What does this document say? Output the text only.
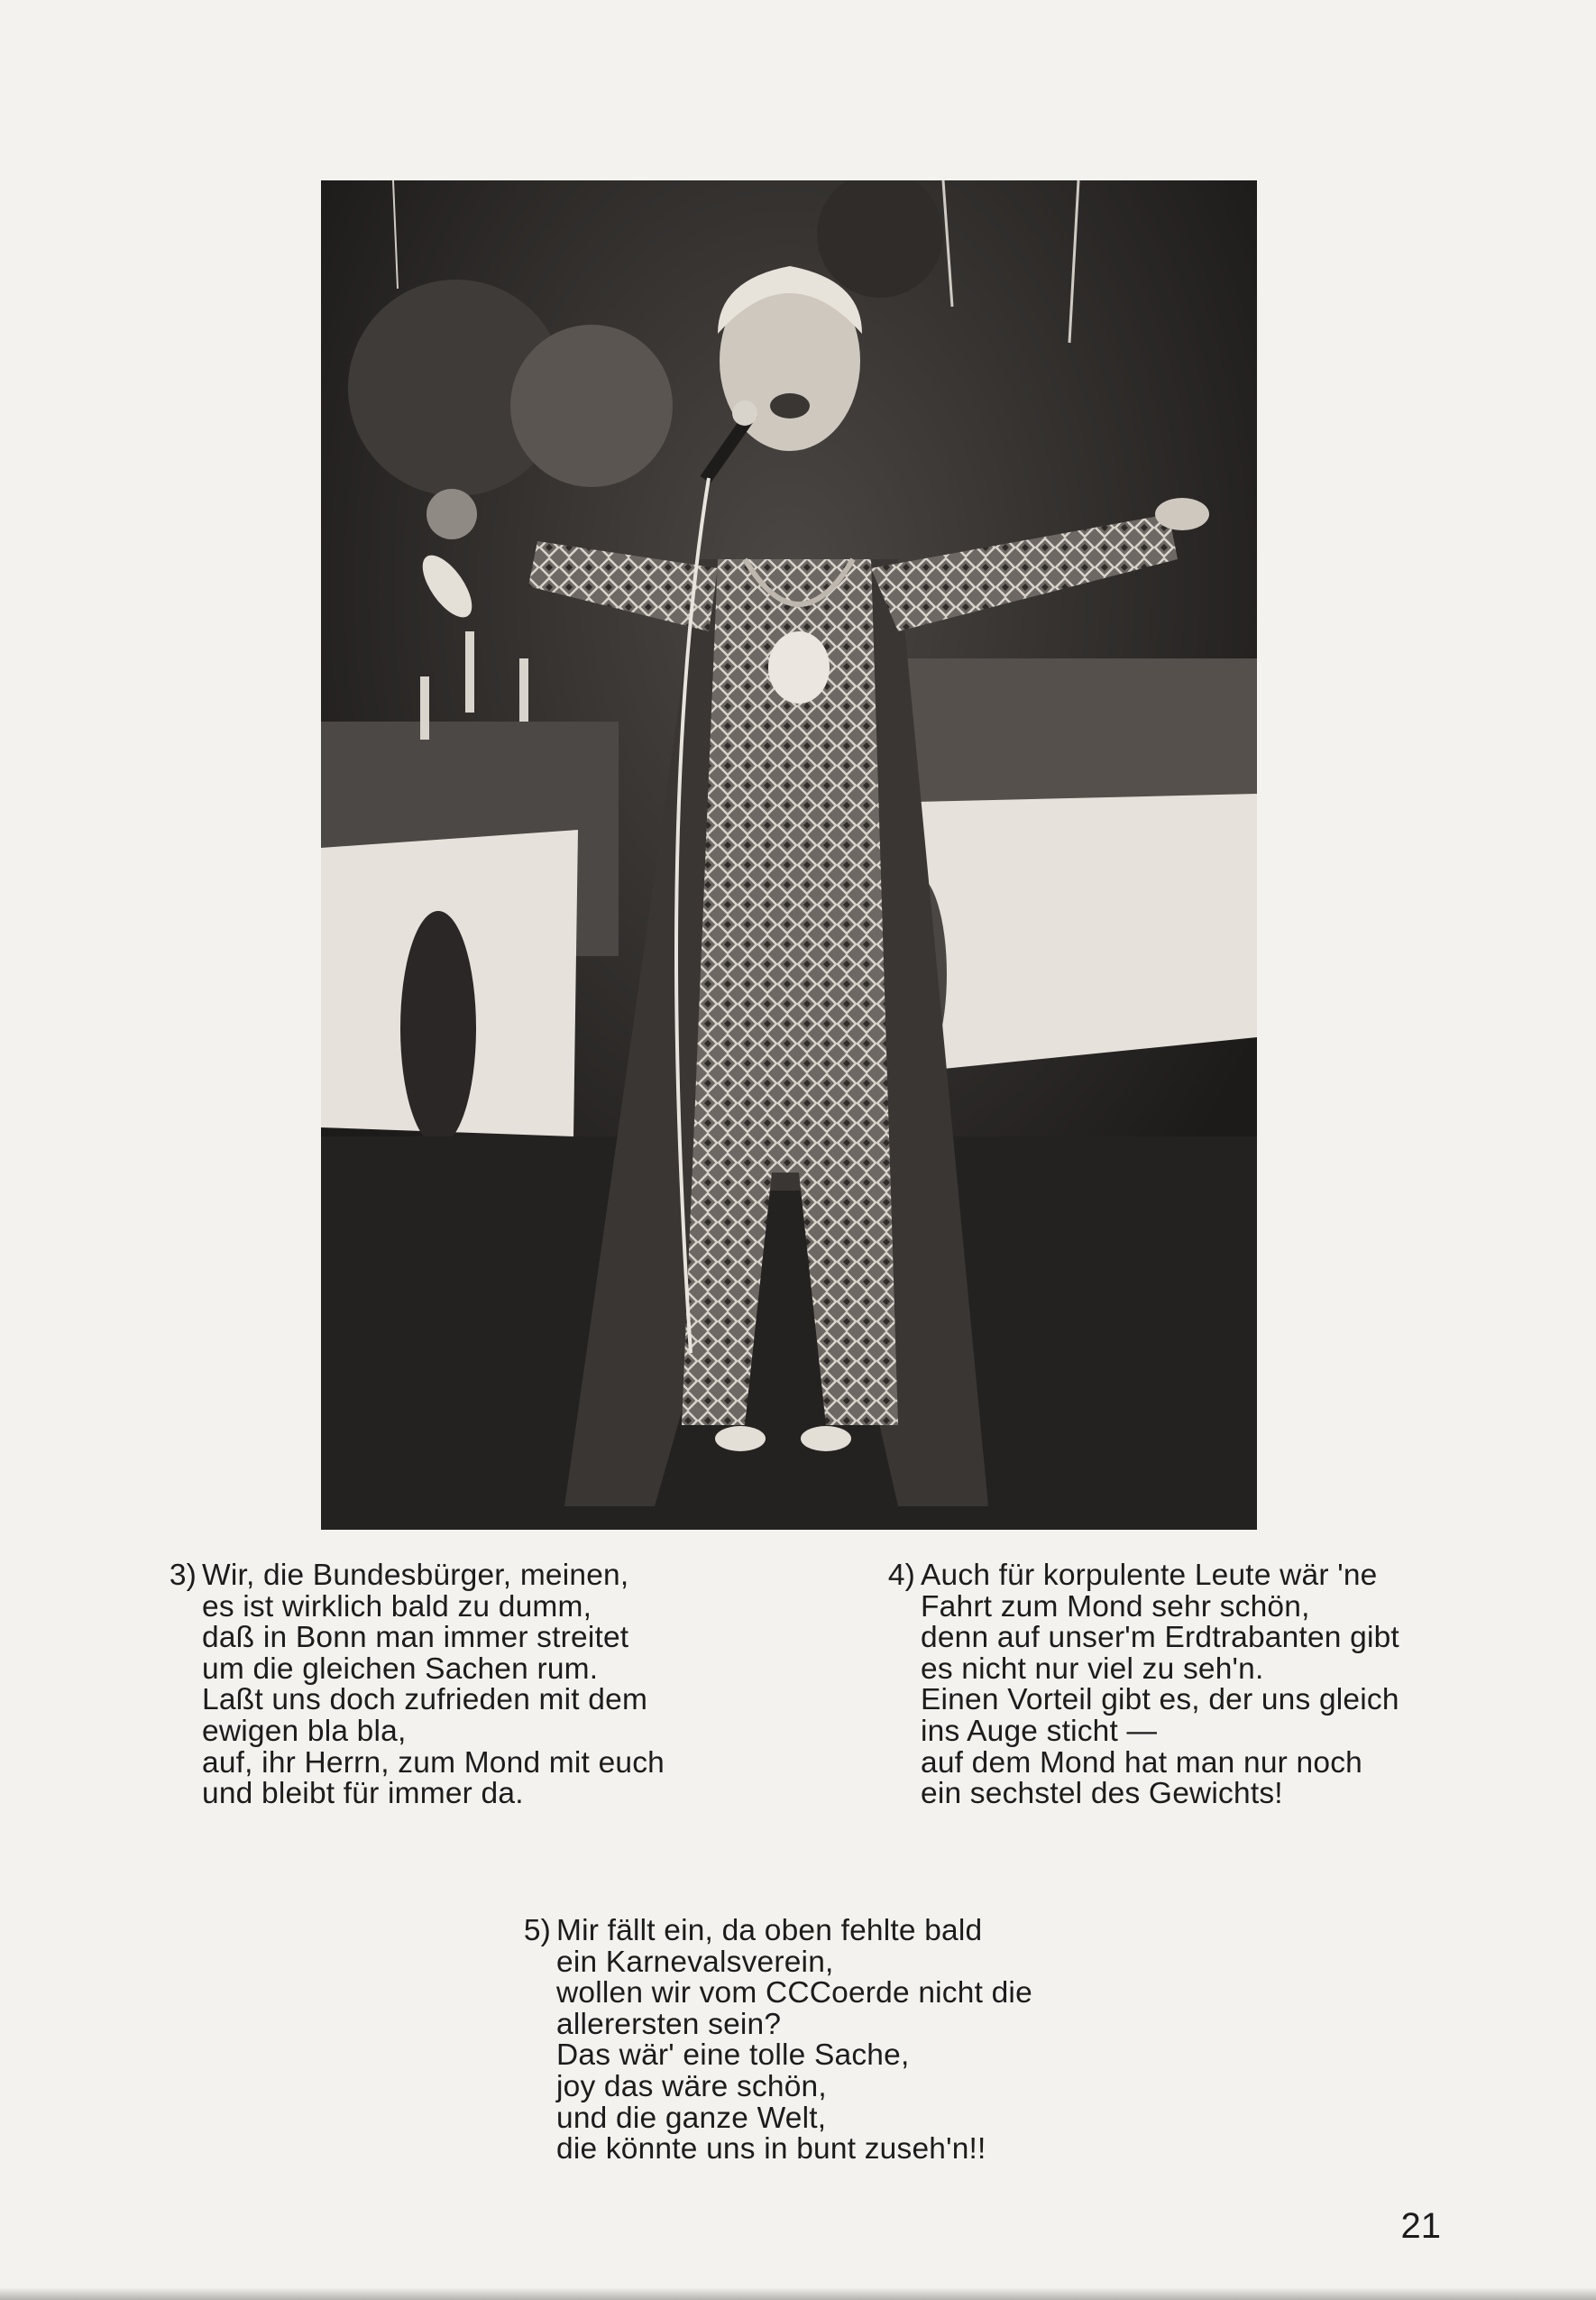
3) Wir, die Bundesbürger, meinen,
es ist wirklich bald zu dumm,
daß in Bonn man immer streitet
um die gleichen Sachen rum.
Laßt uns doch zufrieden mit dem
ewigen bla bla,
auf, ihr Herrn, zum Mond mit euch
und bleibt für immer da.
4) Auch für korpulente Leute wär 'ne
Fahrt zum Mond sehr schön,
denn auf unser'm Erdtrabanten gibt
es nicht nur viel zu seh'n.
Einen Vorteil gibt es, der uns gleich
ins Auge sticht —
auf dem Mond hat man nur noch
ein sechstel des Gewichts!
5) Mir fällt ein, da oben fehlte bald
ein Karnevalsverein,
wollen wir vom CCCoerde nicht die
allerersten sein?
Das wär' eine tolle Sache,
joy das wäre schön,
und die ganze Welt,
die könnte uns in bunt zuseh'n!!
21
